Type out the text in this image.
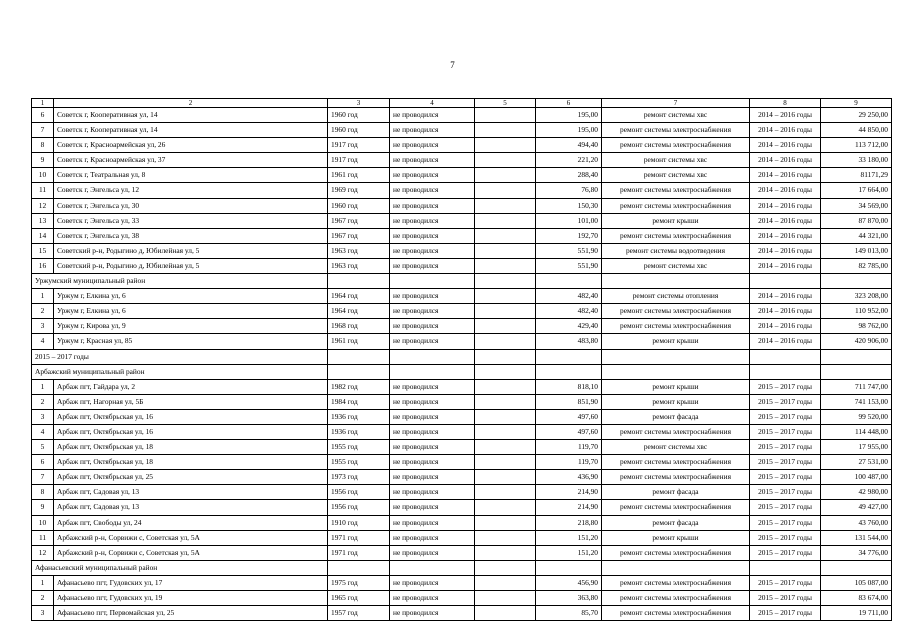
7
1	2	3	4	5	6	7	8	9
6	Советск г, Кооперативная ул, 14	1960 год	не проводился		195,00	ремонт системы хвс	2014 – 2016 годы	29 250,00
7	Советск г, Кооперативная ул, 14	1960 год	не проводился		195,00	ремонт системы электроснабжения	2014 – 2016 годы	44 850,00
8	Советск г, Красноармейская ул, 26	1917 год	не проводился		494,40	ремонт системы электроснабжения	2014 – 2016 годы	113 712,00
9	Советск г, Красноармейская ул, 37	1917 год	не проводился		221,20	ремонт системы хвс	2014 – 2016 годы	33 180,00
10	Советск г, Театральная ул, 8	1961 год	не проводился		288,40	ремонт системы хвс	2014 – 2016 годы	81171,29
11	Советск г, Энгельса ул, 12	1969 год	не проводился		76,80	ремонт системы электроснабжения	2014 – 2016 годы	17 664,00
12	Советск г, Энгельса ул, 30	1960 год	не проводился		150,30	ремонт системы электроснабжения	2014 – 2016 годы	34 569,00
13	Советск г, Энгельса ул, 33	1967 год	не проводился		101,00	ремонт крыши	2014 – 2016 годы	87 870,00
14	Советск г, Энгельса ул, 38	1967 год	не проводился		192,70	ремонт системы электроснабжения	2014 – 2016 годы	44 321,00
15	Советский р-н, Родыгино д, Юбилейная ул, 5	1963 год	не проводился		551,90	ремонт системы водоотведения	2014 – 2016 годы	149 013,00
16	Советский р-н, Родыгино д, Юбилейная ул, 5	1963 год	не проводился		551,90	ремонт системы хвс	2014 – 2016 годы	82 785,00
Уржумский муниципальный район								
1	Уржум г, Елкина ул, 6	1964 год	не проводился		482,40	ремонт системы отопления	2014 – 2016 годы	323 208,00
2	Уржум г, Елкина ул, 6	1964 год	не проводился		482,40	ремонт системы электроснабжения	2014 – 2016 годы	110 952,00
3	Уржум г, Кирова ул, 9	1968 год	не проводился		429,40	ремонт системы электроснабжения	2014 – 2016 годы	98 762,00
4	Уржум г, Красная ул, 85	1961 год	не проводился		483,80	ремонт крыши	2014 – 2016 годы	420 906,00
2015 – 2017 годы								
Арбажский муниципальный район								
1	Арбаж пгт, Гайдара ул, 2	1982 год	не проводился		818,10	ремонт крыши	2015 – 2017 годы	711 747,00
2	Арбаж пгт, Нагорная ул, 5Б	1984 год	не проводился		851,90	ремонт крыши	2015 – 2017 годы	741 153,00
3	Арбаж пгт, Октябрьская ул, 16	1936 год	не проводился		497,60	ремонт фасада	2015 – 2017 годы	99 520,00
4	Арбаж пгт, Октябрьская ул, 16	1936 год	не проводился		497,60	ремонт системы электроснабжения	2015 – 2017 годы	114 448,00
5	Арбаж пгт, Октябрьская ул, 18	1955 год	не проводился		119,70	ремонт системы хвс	2015 – 2017 годы	17 955,00
6	Арбаж пгт, Октябрьская ул, 18	1955 год	не проводился		119,70	ремонт системы электроснабжения	2015 – 2017 годы	27 531,00
7	Арбаж пгт, Октябрьская ул, 25	1973 год	не проводился		436,90	ремонт системы электроснабжения	2015 – 2017 годы	100 487,00
8	Арбаж пгт, Садовая ул, 13	1956 год	не проводился		214,90	ремонт фасада	2015 – 2017 годы	42 980,00
9	Арбаж пгт, Садовая ул, 13	1956 год	не проводился		214,90	ремонт системы электроснабжения	2015 – 2017 годы	49 427,00
10	Арбаж пгт, Свободы ул, 24	1910 год	не проводился		218,80	ремонт фасада	2015 – 2017 годы	43 760,00
11	Арбажский р-н, Сорвижи с, Советская ул, 5А	1971 год	не проводился		151,20	ремонт крыши	2015 – 2017 годы	131 544,00
12	Арбажский р-н, Сорвижи с, Советская ул, 5А	1971 год	не проводился		151,20	ремонт системы электроснабжения	2015 – 2017 годы	34 776,00
Афанасьевский муниципальный район								
1	Афанасьево пгт, Гудовских ул, 17	1975 год	не проводился		456,90	ремонт системы электроснабжения	2015 – 2017 годы	105 087,00
2	Афанасьево пгт, Гудовских ул, 19	1965 год	не проводился		363,80	ремонт системы электроснабжения	2015 – 2017 годы	83 674,00
3	Афанасьево пгт, Первомайская ул, 25	1957 год	не проводился		85,70	ремонт системы электроснабжения	2015 – 2017 годы	19 711,00
